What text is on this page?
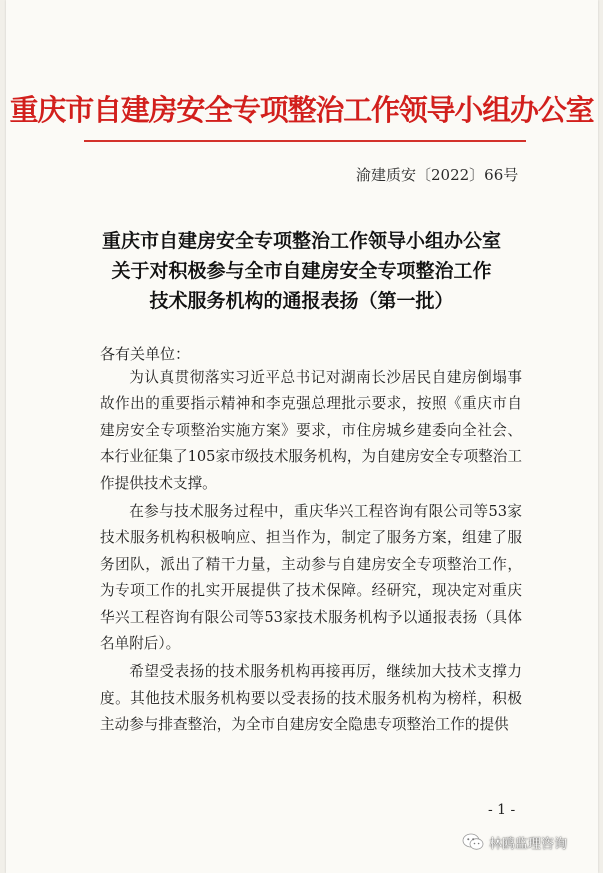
重庆市自建房安全专项整治工作领导小组办公室
渝建质安〔2022〕66号
重庆市自建房安全专项整治工作领导小组办公室
关于对积极参与全市自建房安全专项整治工作
技术服务机构的通报表扬（第一批）
各有关单位：

为认真贯彻落实习近平总书记对湖南长沙居民自建房倒塌事故作出的重要指示精神和李克强总理批示要求，按照《重庆市自建房安全专项整治实施方案》要求，市住房城乡建委向全社会、本行业征集了105家市级技术服务机构，为自建房安全专项整治工作提供技术支撑。

在参与技术服务过程中，重庆华兴工程咨询有限公司等53家技术服务机构积极响应、担当作为，制定了服务方案，组建了服务团队，派出了精干力量，主动参与自建房安全专项整治工作，为专项工作的扎实开展提供了技术保障。经研究，现决定对重庆华兴工程咨询有限公司等53家技术服务机构予以通报表扬（具体名单附后）。

希望受表扬的技术服务机构再接再厉，继续加大技术支撑力度。其他技术服务机构要以受表扬的技术服务机构为榜样，积极主动参与排查整治，为全市自建房安全隐患专项整治工作的提供

- 1 -
林鸥监理咨询
